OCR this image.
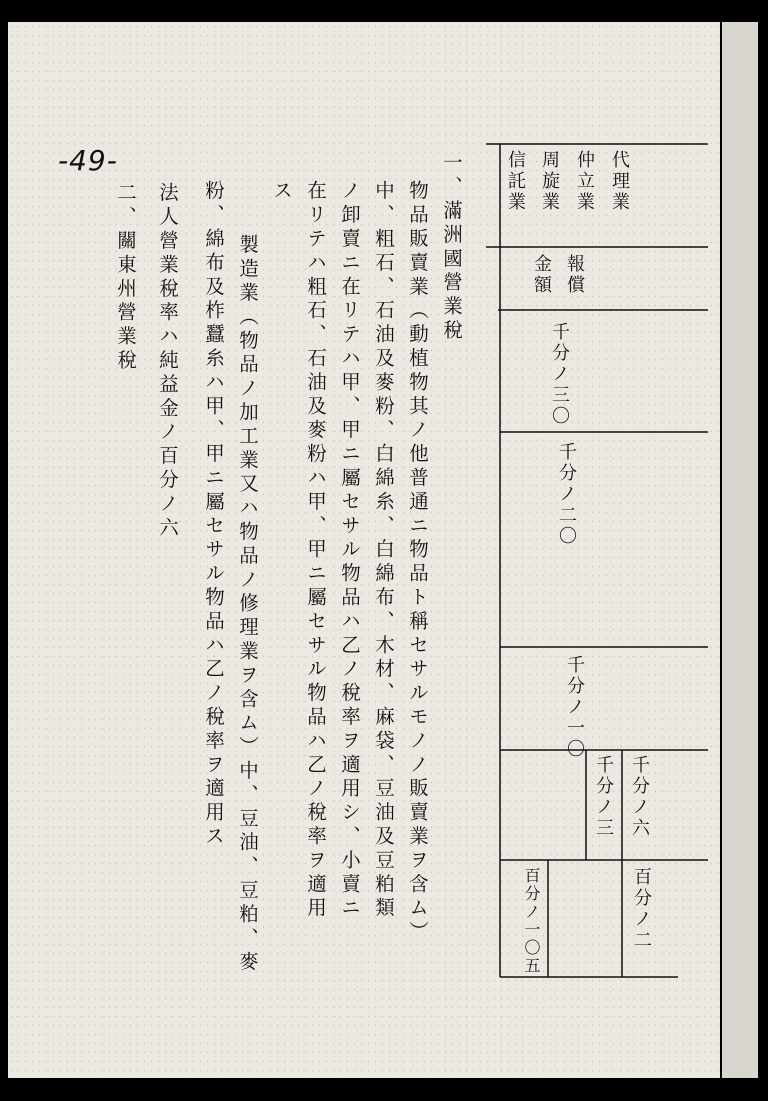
-49-	代理業
仲立業
周旋業
信託業
報償
金額
千分ノ三〇
千分ノ二〇
千分ノ一〇
千分ノ六
千分ノ三
百分ノ二
百分ノ一〇五
一、滿洲國營業稅
物品販賣業（動植物其ノ他普通ニ物品ト稱セサルモノノ販賣業ヲ含ム）
中、粗石、石油及麥粉、白綿糸、白綿布、木材、麻袋、豆油及豆粕類
ノ卸賣ニ在リテハ甲、甲ニ屬セサル物品ハ乙ノ稅率ヲ適用シ、小賣ニ
在リテハ粗石、石油及麥粉ハ甲、甲ニ屬セサル物品ハ乙ノ稅率ヲ適用
ス
製造業（物品ノ加工業又ハ物品ノ修理業ヲ含ム）中、豆油、豆粕、麥
粉、綿布及柞蠶糸ハ甲、甲ニ屬セサル物品ハ乙ノ稅率ヲ適用ス
法人營業稅率ハ純益金ノ百分ノ六
二、關東州營業稅
